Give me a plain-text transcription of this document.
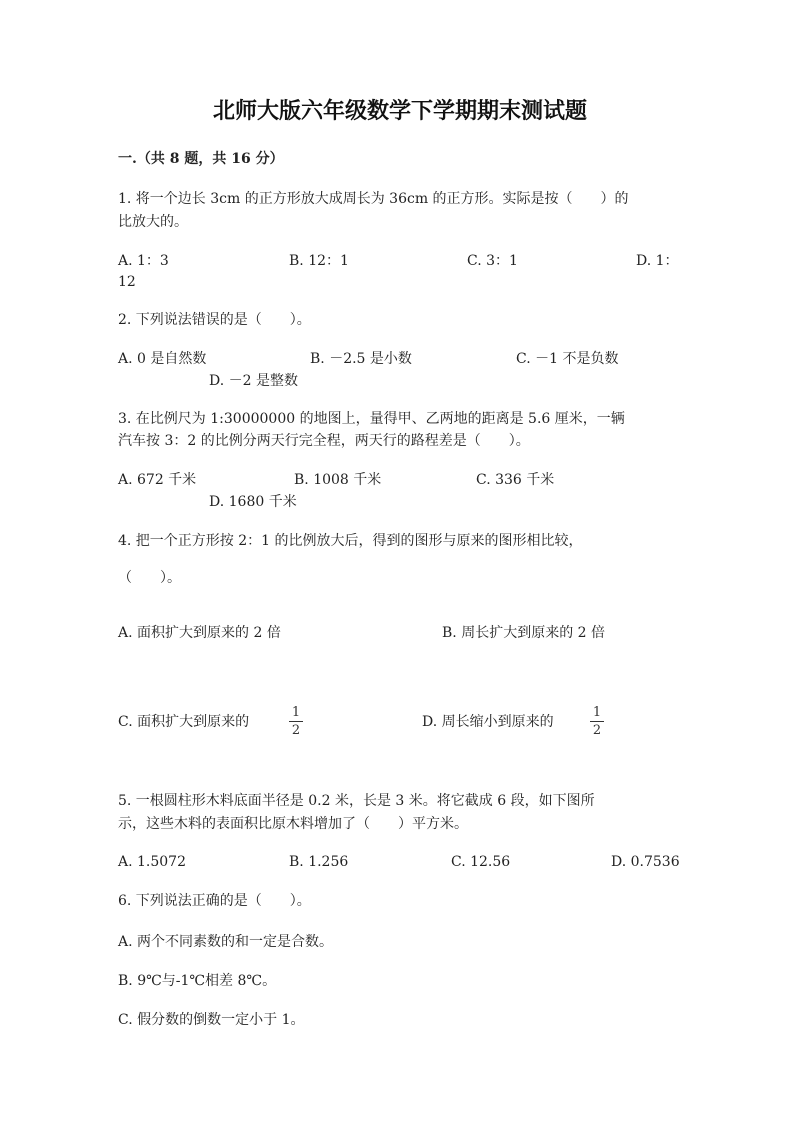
北师大版六年级数学下学期期末测试题
一.（共 8 题，共 16 分）
1. 将一个边长 3cm 的正方形放大成周长为 36cm 的正方形。实际是按（　　）的
比放大的。
A. 1：3	B. 12：1	C. 3：1	D. 1：
12
2. 下列说法错误的是（　　）。
A. 0 是自然数	B. －2.5 是小数	C. －1 不是负数
D. －2 是整数
3. 在比例尺为 1:30000000 的地图上，量得甲、乙两地的距离是 5.6 厘米，一辆
汽车按 3：2 的比例分两天行完全程，两天行的路程差是（　　）。
A. 672 千米	B. 1008 千米	C. 336 千米
D. 1680 千米
4. 把一个正方形按 2：1 的比例放大后，得到的图形与原来的图形相比较，
（　　）。
A. 面积扩大到原来的 2 倍	B. 周长扩大到原来的 2 倍
C. 面积扩大到原来的
1
2
D. 周长缩小到原来的
1
2
5. 一根圆柱形木料底面半径是 0.2 米，长是 3 米。将它截成 6 段，如下图所
示，这些木料的表面积比原木料增加了（　　）平方米。
A. 1.5072	B. 1.256	C. 12.56	D. 0.7536
6. 下列说法正确的是（　　）。
A. 两个不同素数的和一定是合数。
B. 9℃与-1℃相差 8℃。
C. 假分数的倒数一定小于 1。
